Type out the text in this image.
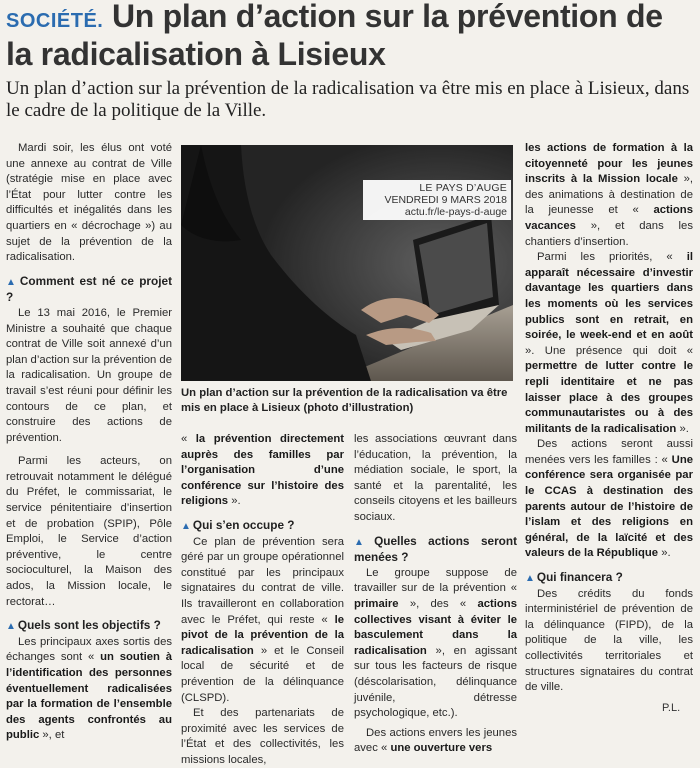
SOCIÉTÉ. Un plan d’action sur la prévention de la radicalisation à Lisieux
Un plan d’action sur la prévention de la radicalisation va être mis en place à Lisieux, dans le cadre de la politique de la Ville.

Mardi soir, les élus ont voté une annexe au contrat de Ville (stratégie mise en place avec l’État pour lutter contre les difficultés et inégalités dans les quartiers en « décrochage ») au sujet de la prévention de la radicalisation.

▲ Comment est né ce projet ?

Le 13 mai 2016, le Premier Ministre a souhaité que chaque contrat de Ville soit annexé d’un plan d’action sur la prévention de la radicalisation. Un groupe de travail s’est réuni pour définir les contours de ce plan, et construire des actions de prévention.

Parmi les acteurs, on retrouvait notamment le délégué du Préfet, le commissariat, le service pénitentiaire d’insertion et de probation (SPIP), Pôle Emploi, le Service d’action préventive, le centre socioculturel, la Maison des ados, la Mission locale, le rectorat…

▲ Quels sont les objectifs ?

Les principaux axes sortis des échanges sont « un soutien à l’identification des personnes éventuellement radicalisées par la formation de l’ensemble des agents confrontés au public », et

LE PAYS D’AUGE
VENDREDI 9 MARS 2018
actu.fr/le-pays-d-auge
Un plan d’action sur la prévention de la radicalisation va être mis en place à Lisieux (photo d’illustration)

« la prévention directement auprès des familles par l’organisation d’une conférence sur l’histoire des religions ».

▲ Qui s’en occupe ?

Ce plan de prévention sera géré par un groupe opérationnel constitué par les principaux signataires du contrat de ville. Ils travailleront en collaboration avec le Préfet, qui reste « le pivot de la prévention de la radicalisation » et le Conseil local de sécurité et de prévention de la délinquance (CLSPD).

Et des partenariats de proximité avec les services de l’État et des collectivités, les missions locales,

les associations œuvrant dans l’éducation, la prévention, la médiation sociale, le sport, la santé et la parentalité, les conseils citoyens et les bailleurs sociaux.

▲ Quelles actions seront menées ?

Le groupe suppose de travailler sur de la prévention « primaire », des « actions collectives visant à éviter le basculement dans la radicalisation », en agissant sur tous les facteurs de risque (déscolarisation, délinquance juvénile, détresse psychologique, etc.).

Des actions envers les jeunes avec « une ouverture vers

les actions de formation à la citoyenneté pour les jeunes inscrits à la Mission locale », des animations à destination de la jeunesse et « actions vacances », et dans les chantiers d’insertion.

Parmi les priorités, « il apparaît nécessaire d’investir davantage les quartiers dans les moments où les services publics sont en retrait, en soirée, le week-end et en août ». Une présence qui doit « permettre de lutter contre le repli identitaire et ne pas laisser place à des groupes communautaristes ou à des militants de la radicalisation ».

Des actions seront aussi menées vers les familles : « Une conférence sera organisée par le CCAS à destination des parents autour de l’histoire de l’islam et des religions en général, de la laïcité et des valeurs de la République ».

▲ Qui financera ?

Des crédits du fonds interministériel de prévention de la délinquance (FIPD), de la politique de la ville, les collectivités territoriales et structures signataires du contrat de ville.

P.L.
